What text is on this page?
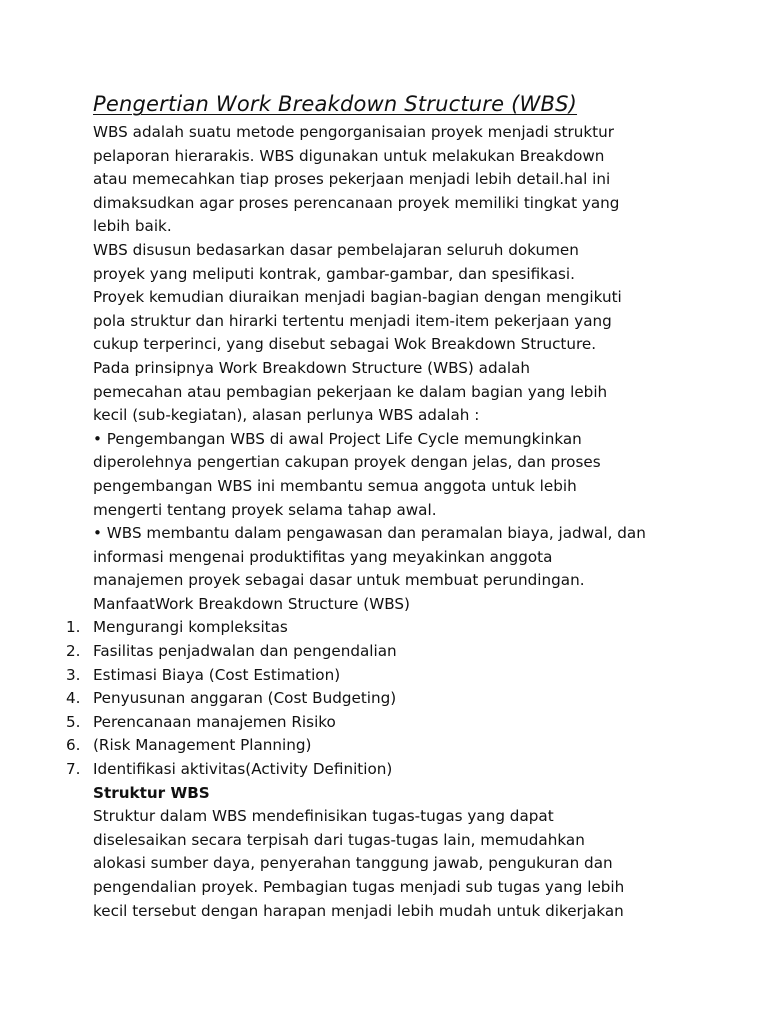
Pengertian Work Breakdown Structure (WBS)
WBS adalah suatu metode pengorganisaian proyek menjadi struktur
pelaporan hierarakis. WBS digunakan untuk melakukan Breakdown
atau memecahkan tiap proses pekerjaan menjadi lebih detail.hal ini
dimaksudkan agar proses perencanaan proyek memiliki tingkat yang
lebih baik.
WBS disusun bedasarkan dasar pembelajaran seluruh dokumen
proyek yang meliputi kontrak, gambar-gambar, dan spesifikasi.
Proyek kemudian diuraikan menjadi bagian-bagian dengan mengikuti
pola struktur dan hirarki tertentu menjadi item-item pekerjaan yang
cukup terperinci, yang disebut sebagai Wok Breakdown Structure.
Pada prinsipnya Work Breakdown Structure (WBS) adalah
pemecahan atau pembagian pekerjaan ke dalam bagian yang lebih
kecil (sub-kegiatan), alasan perlunya WBS adalah :
• Pengembangan WBS di awal Project Life Cycle memungkinkan
diperolehnya pengertian cakupan proyek dengan jelas, dan proses
pengembangan WBS ini membantu semua anggota untuk lebih
mengerti tentang proyek selama tahap awal.
• WBS membantu dalam pengawasan dan peramalan biaya, jadwal, dan
informasi mengenai produktifitas yang meyakinkan anggota
manajemen proyek sebagai dasar untuk membuat perundingan.
ManfaatWork Breakdown Structure (WBS)
1. Mengurangi kompleksitas
2. Fasilitas penjadwalan dan pengendalian
3. Estimasi Biaya (Cost Estimation)
4. Penyusunan anggaran (Cost Budgeting)
5. Perencanaan manajemen Risiko
6. (Risk Management Planning)
7. Identifikasi aktivitas(Activity Definition)
Struktur WBS
Struktur dalam WBS mendefinisikan tugas-tugas yang dapat
diselesaikan secara terpisah dari tugas-tugas lain, memudahkan
alokasi sumber daya, penyerahan tanggung jawab, pengukuran dan
pengendalian proyek. Pembagian tugas menjadi sub tugas yang lebih
kecil tersebut dengan harapan menjadi lebih mudah untuk dikerjakan
